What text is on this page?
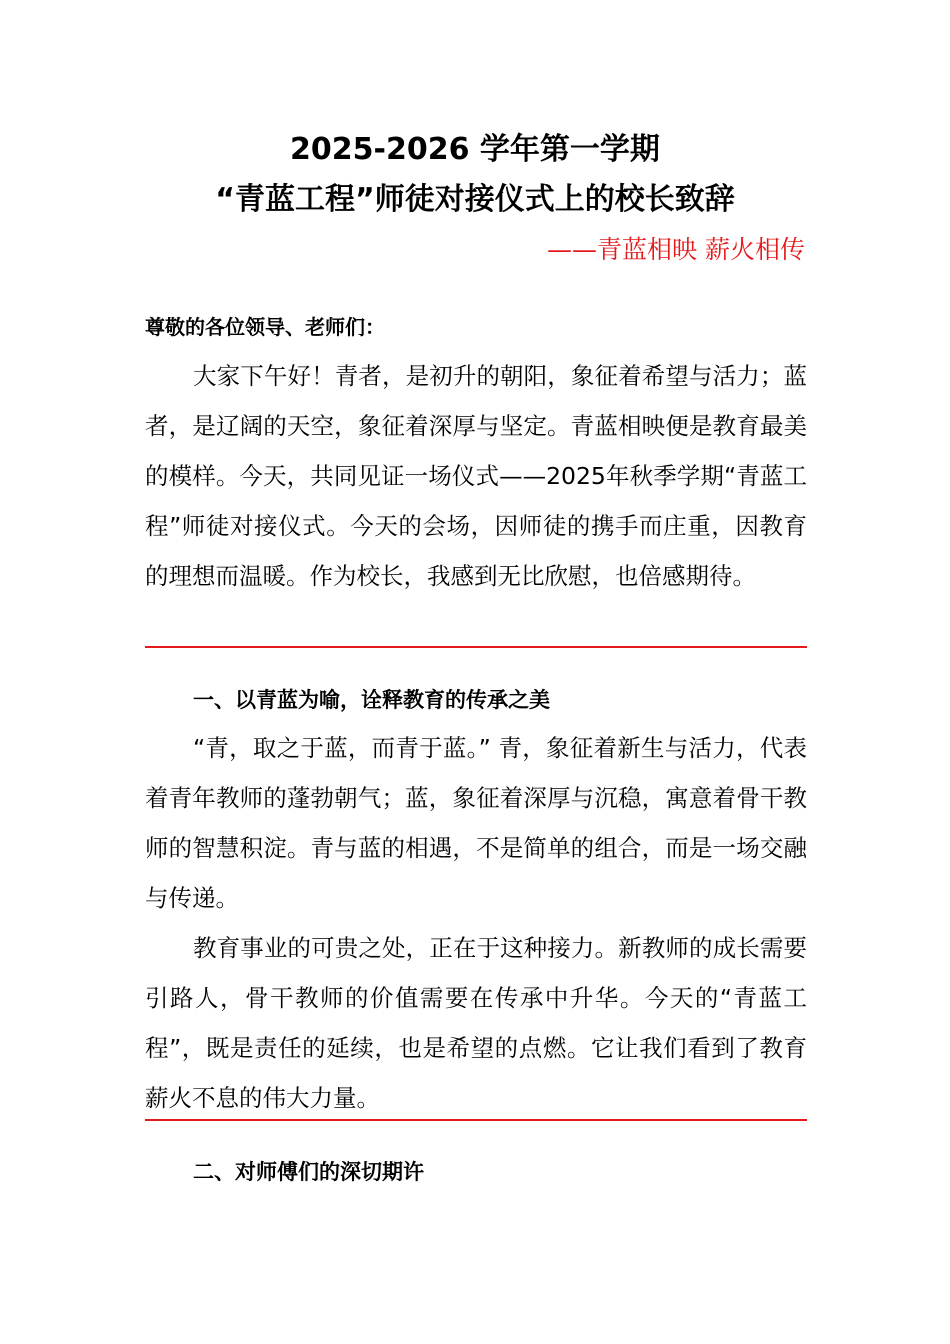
2025-2026 学年第一学期
“青蓝工程”师徒对接仪式上的校长致辞

——青蓝相映 薪火相传

尊敬的各位领导、老师们：

大家下午好！青者，是初升的朝阳，象征着希望与活力；蓝者，是辽阔的天空，象征着深厚与坚定。青蓝相映便是教育最美的模样。今天，共同见证一场仪式——2025年秋季学期“青蓝工程”师徒对接仪式。今天的会场，因师徒的携手而庄重，因教育的理想而温暖。作为校长，我感到无比欣慰，也倍感期待。

一、以青蓝为喻，诠释教育的传承之美

“青，取之于蓝，而青于蓝。” 青，象征着新生与活力，代表着青年教师的蓬勃朝气；蓝，象征着深厚与沉稳，寓意着骨干教师的智慧积淀。青与蓝的相遇，不是简单的组合，而是一场交融与传递。

教育事业的可贵之处，正在于这种接力。新教师的成长需要引路人，骨干教师的价值需要在传承中升华。今天的“青蓝工程”，既是责任的延续，也是希望的点燃。它让我们看到了教育薪火不息的伟大力量。

二、对师傅们的深切期许
